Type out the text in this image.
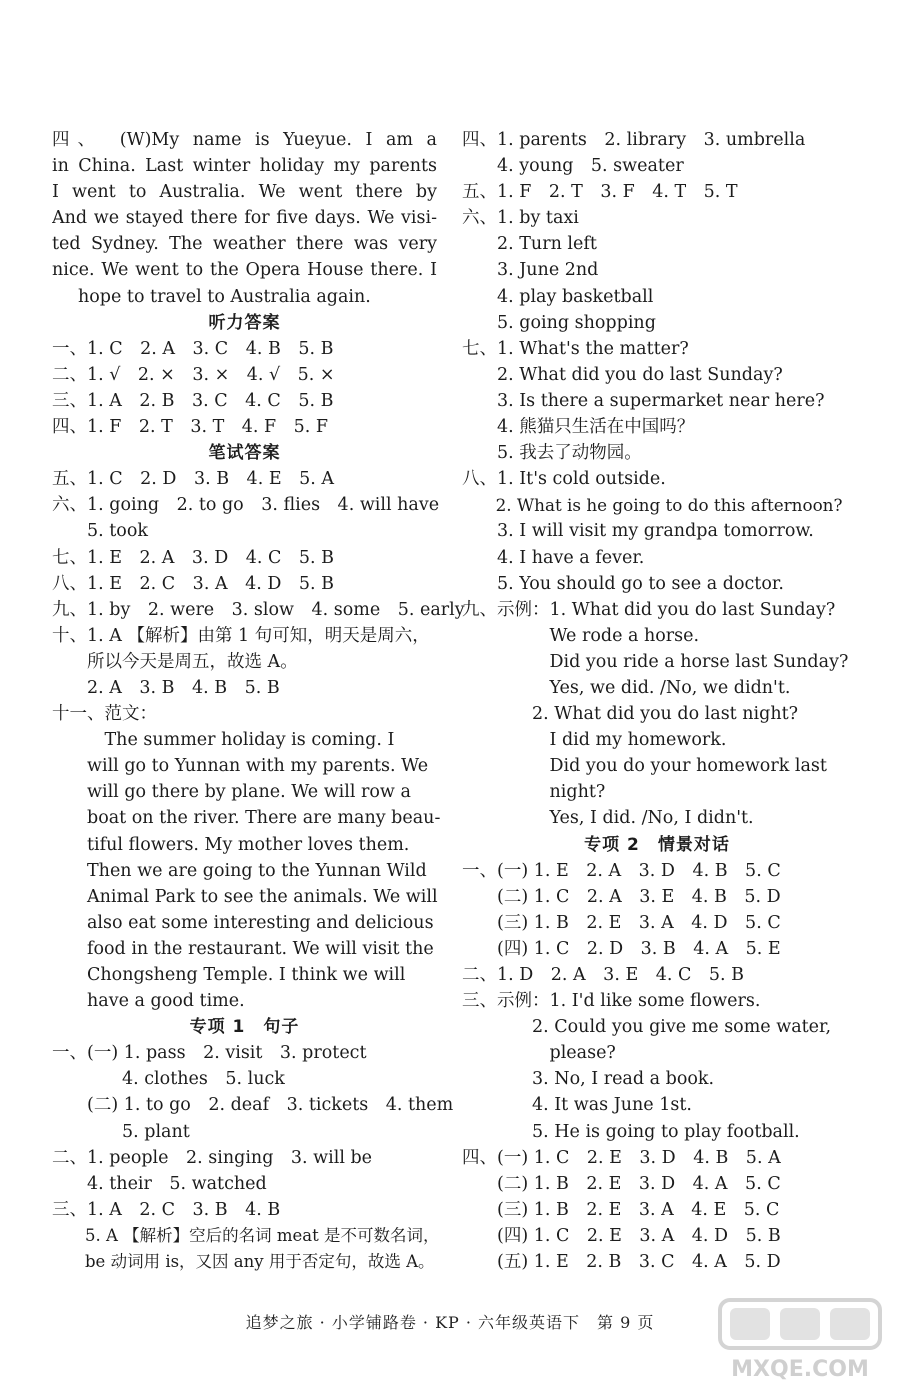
四、　(W)My name is Yueyue. I am a
in China. Last winter holiday my parents
I went to Australia. We went there by
And we stayed there for five days. We visi-
ted Sydney. The weather there was very
nice. We went to the Opera House there. I
hope to travel to Australia again.
听力答案
一、1. C　2. A　3. C　4. B　5. B
二、1. √　2. ×　3. ×　4. √　5. ×
三、1. A　2. B　3. C　4. C　5. B
四、1. F　2. T　3. T　4. F　5. F
笔试答案
五、1. C　2. D　3. B　4. E　5. A
六、1. going　2. to go　3. flies　4. will have
　　5. took
七、1. E　2. A　3. D　4. C　5. B
八、1. E　2. C　3. A　4. D　5. B
九、1. by　2. were　3. slow　4. some　5. early
十、1. A 【解析】由第 1 句可知，明天是周六，
　　所以今天是周五，故选 A。
　　2. A　3. B　4. B　5. B
十一、范文：
　　　The summer holiday is coming. I
　　will go to Yunnan with my parents. We
　　will go there by plane. We will row a
　　boat on the river. There are many beau-
　　tiful flowers. My mother loves them.
　　Then we are going to the Yunnan Wild
　　Animal Park to see the animals. We will
　　also eat some interesting and delicious
　　food in the restaurant. We will visit the
　　Chongsheng Temple. I think we will
　　have a good time.
专项 1　句子
一、(一) 1. pass　2. visit　3. protect
　　　　4. clothes　5. luck
　　(二) 1. to go　2. deaf　3. tickets　4. them
　　　　5. plant
二、1. people　2. singing　3. will be
　　4. their　5. watched
三、1. A　2. C　3. B　4. B
　　5. A 【解析】空后的名词 meat 是不可数名词，
　　be 动词用 is，又因 any 用于否定句，故选 A。
四、1. parents　2. library　3. umbrella
　　4. young　5. sweater
五、1. F　2. T　3. F　4. T　5. T
六、1. by taxi
　　2. Turn left
　　3. June 2nd
　　4. play basketball
　　5. going shopping
七、1. What's the matter?
　　2. What did you do last Sunday?
　　3. Is there a supermarket near here?
　　4. 熊猫只生活在中国吗？
　　5. 我去了动物园。
八、1. It's cold outside.
　　2. What is he going to do this afternoon?
　　3. I will visit my grandpa tomorrow.
　　4. I have a fever.
　　5. You should go to see a doctor.
九、示例：1. What did you do last Sunday?
　　　　　We rode a horse.
　　　　　Did you ride a horse last Sunday?
　　　　　Yes, we did. /No, we didn't.
　　　　2. What did you do last night?
　　　　　I did my homework.
　　　　　Did you do your homework last
　　　　　night?
　　　　　Yes, I did. /No, I didn't.
专项 2　情景对话
一、(一) 1. E　2. A　3. D　4. B　5. C
　　(二) 1. C　2. A　3. E　4. B　5. D
　　(三) 1. B　2. E　3. A　4. D　5. C
　　(四) 1. C　2. D　3. B　4. A　5. E
二、1. D　2. A　3. E　4. C　5. B
三、示例：1. I'd like some flowers.
　　　　2. Could you give me some water,
　　　　　please?
　　　　3. No, I read a book.
　　　　4. It was June 1st.
　　　　5. He is going to play football.
四、(一) 1. C　2. E　3. D　4. B　5. A
　　(二) 1. B　2. E　3. D　4. A　5. C
　　(三) 1. B　2. E　3. A　4. E　5. C
　　(四) 1. C　2. E　3. A　4. D　5. B
　　(五) 1. E　2. B　3. C　4. A　5. D
追梦之旅 · 小学铺路卷 · KP · 六年级英语下　第 9 页
MXQE.COM
